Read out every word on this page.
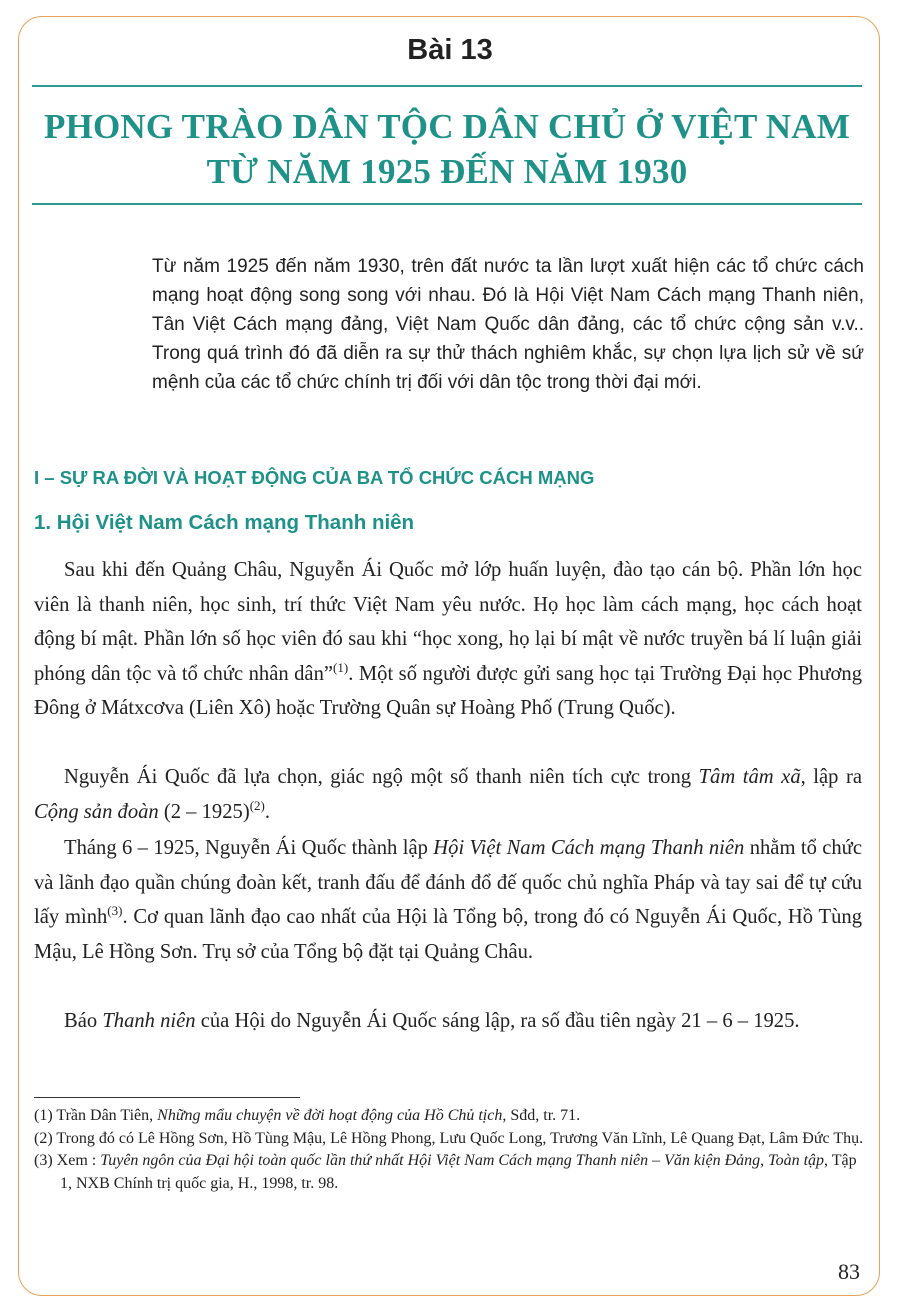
Bài 13
PHONG TRÀO DÂN TỘC DÂN CHỦ Ở VIỆT NAM
TỪ NĂM 1925 ĐẾN NĂM 1930

Từ năm 1925 đến năm 1930, trên đất nước ta lần lượt xuất hiện các tổ chức cách mạng hoạt động song song với nhau. Đó là Hội Việt Nam Cách mạng Thanh niên, Tân Việt Cách mạng đảng, Việt Nam Quốc dân đảng, các tổ chức cộng sản v.v.. Trong quá trình đó đã diễn ra sự thử thách nghiêm khắc, sự chọn lựa lịch sử về sứ mệnh của các tổ chức chính trị đối với dân tộc trong thời đại mới.

I – SỰ RA ĐỜI VÀ HOẠT ĐỘNG CỦA BA TỔ CHỨC CÁCH MẠNG
1. Hội Việt Nam Cách mạng Thanh niên

Sau khi đến Quảng Châu, Nguyễn Ái Quốc mở lớp huấn luyện, đào tạo cán bộ. Phần lớn học viên là thanh niên, học sinh, trí thức Việt Nam yêu nước. Họ học làm cách mạng, học cách hoạt động bí mật. Phần lớn số học viên đó sau khi “học xong, họ lại bí mật về nước truyền bá lí luận giải phóng dân tộc và tổ chức nhân dân”$^{(1)}$. Một số người được gửi sang học tại Trường Đại học Phương Đông ở Mátxcơva (Liên Xô) hoặc Trường Quân sự Hoàng Phố (Trung Quốc).

Nguyễn Ái Quốc đã lựa chọn, giác ngộ một số thanh niên tích cực trong Tâm tâm xã, lập ra Cộng sản đoàn (2 – 1925)$^{(2)}$.

Tháng 6 – 1925, Nguyễn Ái Quốc thành lập Hội Việt Nam Cách mạng Thanh niên nhằm tổ chức và lãnh đạo quần chúng đoàn kết, tranh đấu để đánh đổ đế quốc chủ nghĩa Pháp và tay sai để tự cứu lấy mình$^{(3)}$. Cơ quan lãnh đạo cao nhất của Hội là Tổng bộ, trong đó có Nguyễn Ái Quốc, Hồ Tùng Mậu, Lê Hồng Sơn. Trụ sở của Tổng bộ đặt tại Quảng Châu.

Báo Thanh niên của Hội do Nguyễn Ái Quốc sáng lập, ra số đầu tiên ngày 21 – 6 – 1925.

(1) Trần Dân Tiên, Những mẩu chuyện về đời hoạt động của Hồ Chủ tịch, Sđd, tr. 71.

(2) Trong đó có Lê Hồng Sơn, Hồ Tùng Mậu, Lê Hồng Phong, Lưu Quốc Long, Trương Văn Lĩnh, Lê Quang Đạt, Lâm Đức Thụ.

(3) Xem : Tuyên ngôn của Đại hội toàn quốc lần thứ nhất Hội Việt Nam Cách mạng Thanh niên – Văn kiện Đảng, Toàn tập, Tập 1, NXB Chính trị quốc gia, H., 1998, tr. 98.

83
